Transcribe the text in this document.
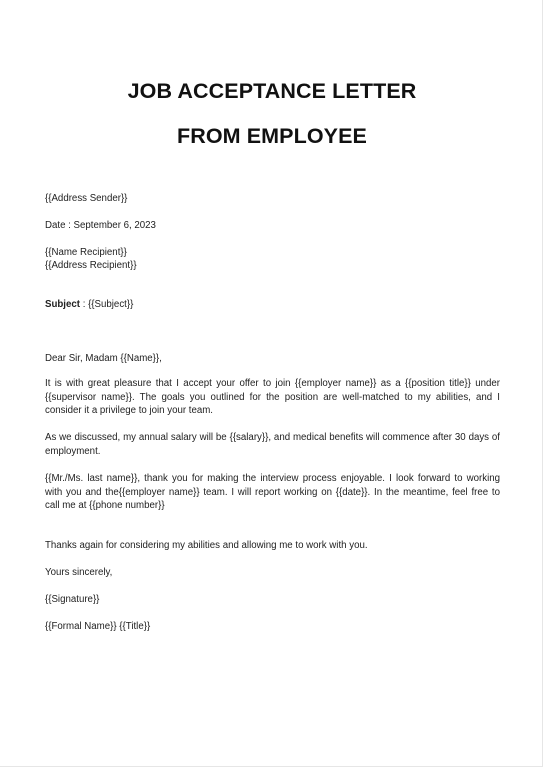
JOB ACCEPTANCE LETTER
FROM EMPLOYEE
{{Address Sender}}
Date : September 6, 2023
{{Name Recipient}}
{{Address Recipient}}
Subject : {{Subject}}
Dear Sir, Madam {{Name}},
It is with great pleasure that I accept your offer to join {{employer name}} as a {{position title}} under
{{supervisor name}}. The goals you outlined for the position are well-matched to my abilities, and I
consider it a privilege to join your team.
As we discussed, my annual salary will be {{salary}}, and medical benefits will commence after 30 days of
employment.
{{Mr./Ms. last name}}, thank you for making the interview process enjoyable. I look forward to working
with you and the{{employer name}} team. I will report working on {{date}}. In the meantime, feel free to
call me at {{phone number}}
Thanks again for considering my abilities and allowing me to work with you.
Yours sincerely,
{{Signature}}
{{Formal Name}} {{Title}}
